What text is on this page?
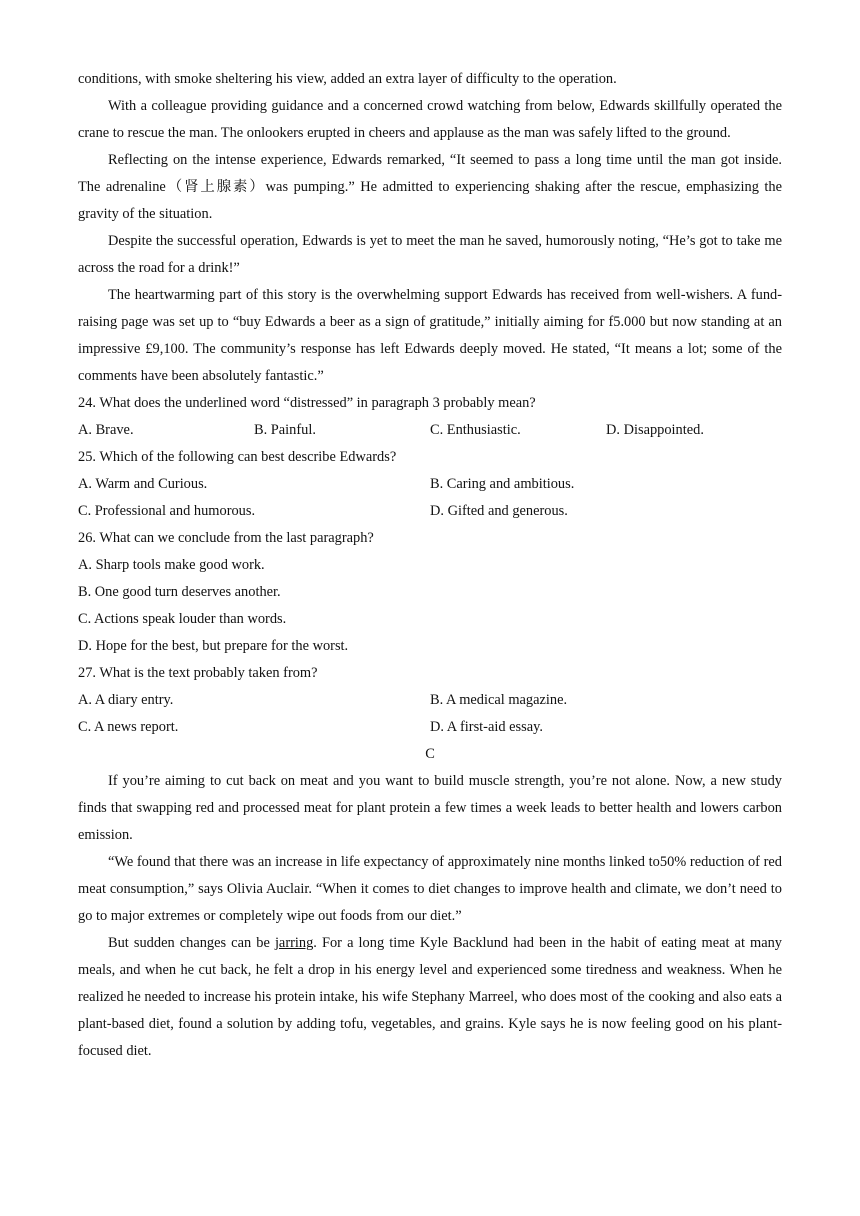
conditions, with smoke sheltering his view, added an extra layer of difficulty to the operation.

With a colleague providing guidance and a concerned crowd watching from below, Edwards skillfully operated the crane to rescue the man. The onlookers erupted in cheers and applause as the man was safely lifted to the ground.

Reflecting on the intense experience, Edwards remarked, “It seemed to pass a long time until the man got inside. The adrenaline（肾上腺素）was pumping.” He admitted to experiencing shaking after the rescue, emphasizing the gravity of the situation.

Despite the successful operation, Edwards is yet to meet the man he saved, humorously noting, “He’s got to take me across the road for a drink!”

The heartwarming part of this story is the overwhelming support Edwards has received from well-wishers. A fund-raising page was set up to “buy Edwards a beer as a sign of gratitude,” initially aiming for f5.000 but now standing at an impressive £9,100. The community’s response has left Edwards deeply moved. He stated, “It means a lot; some of the comments have been absolutely fantastic.”

24. What does the underlined word “distressed” in paragraph 3 probably mean?

A. Brave.	B. Painful.	C. Enthusiastic.	D. Disappointed.

25. Which of the following can best describe Edwards?

A. Warm and Curious.	B. Caring and ambitious.
C. Professional and humorous.	D. Gifted and generous.

26. What can we conclude from the last paragraph?

A. Sharp tools make good work.

B. One good turn deserves another.

C. Actions speak louder than words.

D. Hope for the best, but prepare for the worst.

27. What is the text probably taken from?

A. A diary entry.	B. A medical magazine.
C. A news report.	D. A first-aid essay.
C

If you’re aiming to cut back on meat and you want to build muscle strength, you’re not alone. Now, a new study finds that swapping red and processed meat for plant protein a few times a week leads to better health and lowers carbon emission.

“We found that there was an increase in life expectancy of approximately nine months linked to50% reduction of red meat consumption,” says Olivia Auclair. “When it comes to diet changes to improve health and climate, we don’t need to go to major extremes or completely wipe out foods from our diet.”

But sudden changes can be jarring. For a long time Kyle Backlund had been in the habit of eating meat at many meals, and when he cut back, he felt a drop in his energy level and experienced some tiredness and weakness. When he realized he needed to increase his protein intake, his wife Stephany Marreel, who does most of the cooking and also eats a plant-based diet, found a solution by adding tofu, vegetables, and grains. Kyle says he is now feeling good on his plant-focused diet.
